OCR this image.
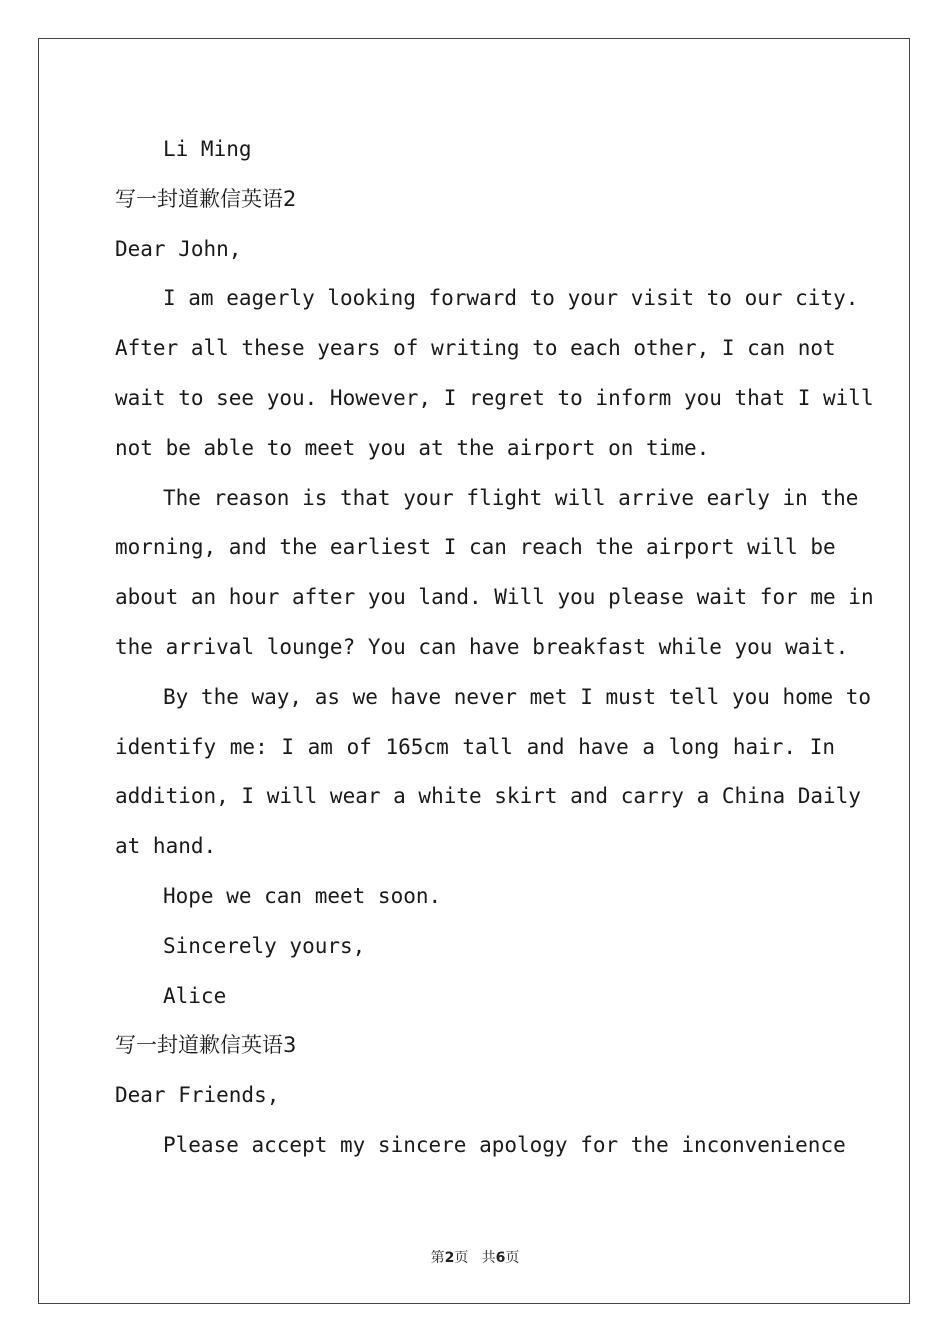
Li Ming
写一封道歉信英语2
Dear John,
I am eagerly looking forward to your visit to our city.
After all these years of writing to each other, I can not
wait to see you. However, I regret to inform you that I will
not be able to meet you at the airport on time.
The reason is that your flight will arrive early in the
morning, and the earliest I can reach the airport will be
about an hour after you land. Will you please wait for me in
the arrival lounge? You can have breakfast while you wait.
By the way, as we have never met I must tell you home to
identify me: I am of 165cm tall and have a long hair. In
addition, I will wear a white skirt and carry a China Daily
at hand.
Hope we can meet soon.
Sincerely yours,
Alice
写一封道歉信英语3
Dear Friends,
Please accept my sincere apology for the inconvenience
第2页 共6页
